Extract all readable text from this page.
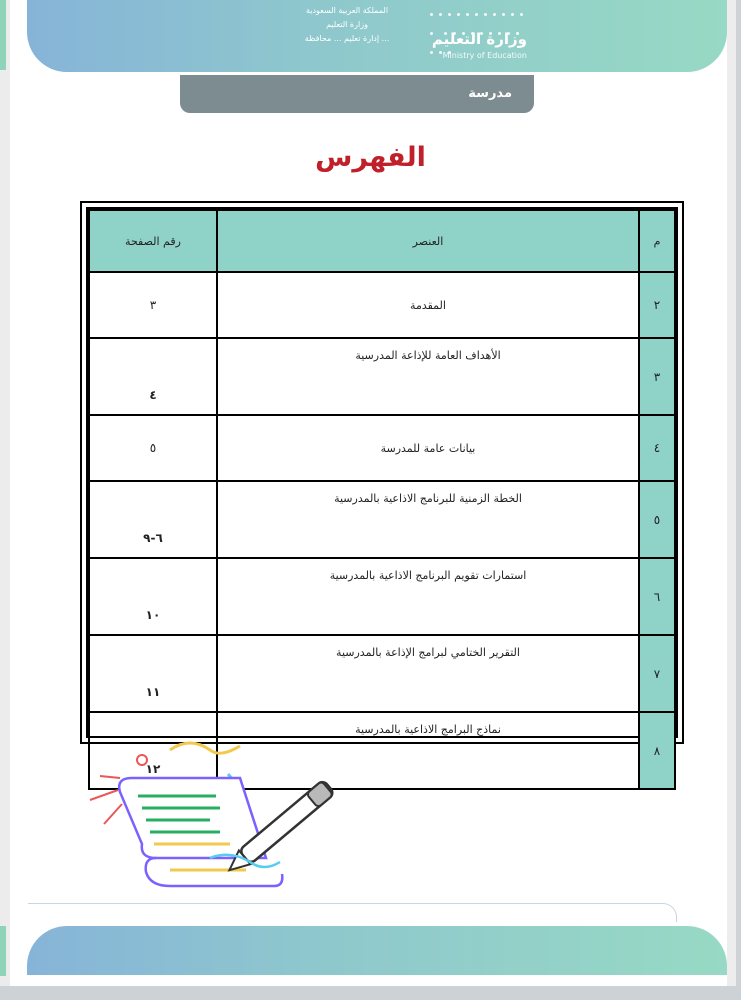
المملكة العربية السعودية
وزارة التعليم
إدارة تعليم ... محافظة ...
	وزارة التعليم
Ministry of Education
مدرسة
الفهرس
م	العنصر	رقم الصفحة
٢	المقدمة	٣
٣	الأهداف العامة للإذاعة المدرسية	٤
٤	بيانات عامة للمدرسة	٥
٥	الخطة الزمنية للبرنامج الاذاعية بالمدرسية	٦-٩
٦	استمارات تقويم البرنامج الاذاعية بالمدرسية	١٠
٧	التقرير الختامي لبرامج الإذاعة بالمدرسية	١١
٨	نماذج البرامج الاذاعية بالمدرسية	١٢
